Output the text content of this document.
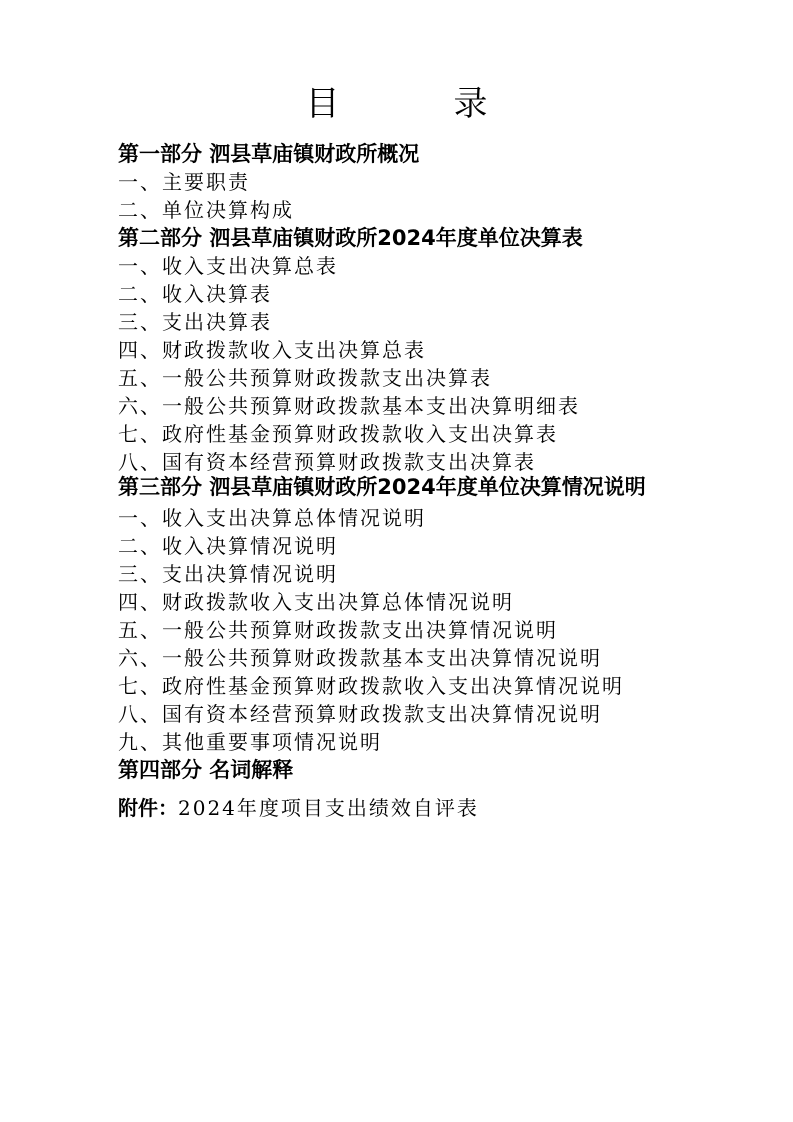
目　录

第一部分 泗县草庙镇财政所概况

一、主要职责

二、单位决算构成

第二部分 泗县草庙镇财政所2024年度单位决算表

一、收入支出决算总表

二、收入决算表

三、支出决算表

四、财政拨款收入支出决算总表

五、一般公共预算财政拨款支出决算表

六、一般公共预算财政拨款基本支出决算明细表

七、政府性基金预算财政拨款收入支出决算表

八、国有资本经营预算财政拨款支出决算表

第三部分 泗县草庙镇财政所2024年度单位决算情况说明

一、收入支出决算总体情况说明

二、收入决算情况说明

三、支出决算情况说明

四、财政拨款收入支出决算总体情况说明

五、一般公共预算财政拨款支出决算情况说明

六、一般公共预算财政拨款基本支出决算情况说明

七、政府性基金预算财政拨款收入支出决算情况说明

八、国有资本经营预算财政拨款支出决算情况说明

九、其他重要事项情况说明

第四部分 名词解释

附件：2024年度项目支出绩效自评表
